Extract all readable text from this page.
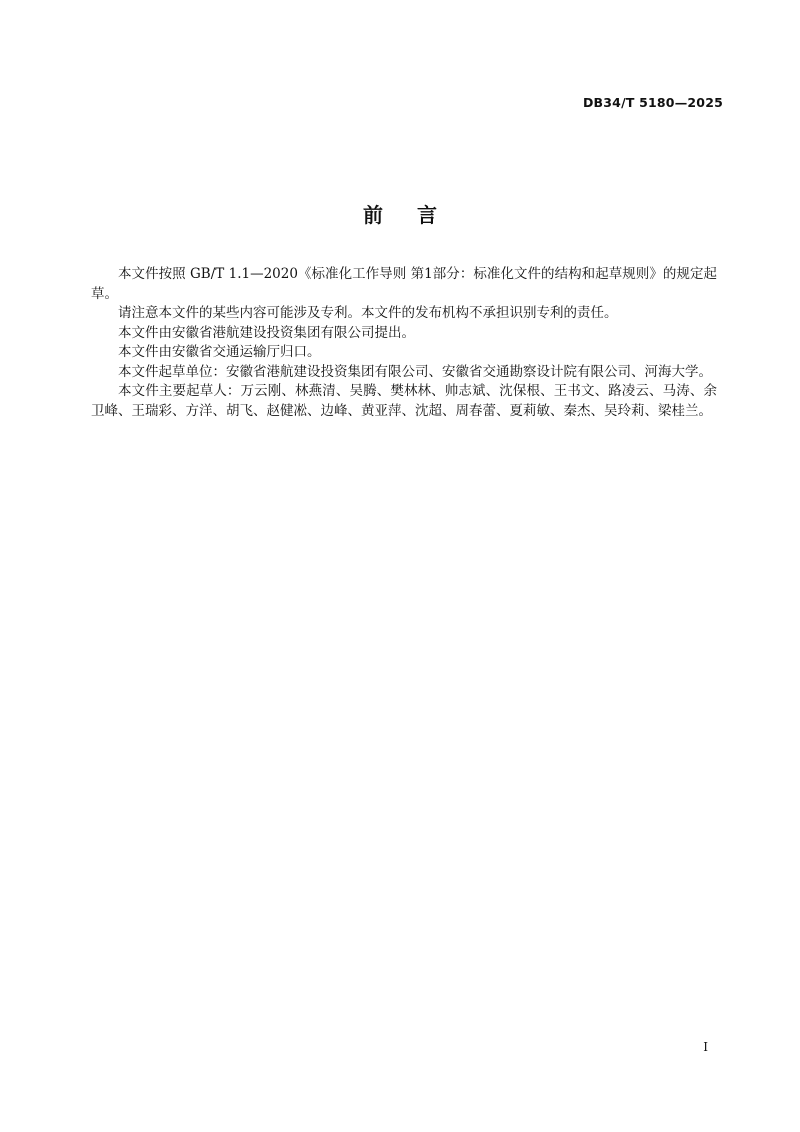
DB34/T 5180—2025
前言

本文件按照 GB/T 1.1—2020《标准化工作导则 第1部分：标准化文件的结构和起草规则》的规定起草。

请注意本文件的某些内容可能涉及专利。本文件的发布机构不承担识别专利的责任。

本文件由安徽省港航建设投资集团有限公司提出。

本文件由安徽省交通运输厅归口。

本文件起草单位：安徽省港航建设投资集团有限公司、安徽省交通勘察设计院有限公司、河海大学。

本文件主要起草人：万云刚、林燕清、吴腾、樊林林、帅志斌、沈保根、王书文、路凌云、马涛、余卫峰、王瑞彩、方洋、胡飞、赵健凇、边峰、黄亚萍、沈超、周春蕾、夏莉敏、秦杰、吴玲莉、梁桂兰。

I
